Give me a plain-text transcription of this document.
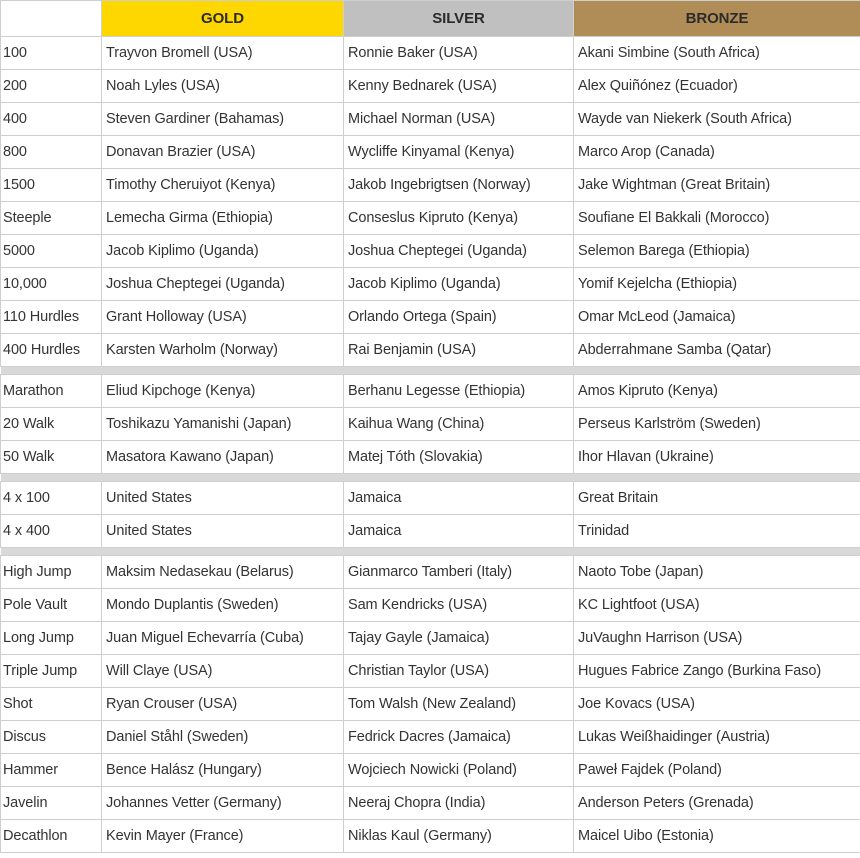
	GOLD	SILVER	BRONZE
100	Trayvon Bromell (USA)	Ronnie Baker (USA)	Akani Simbine (South Africa)
200	Noah Lyles (USA)	Kenny Bednarek (USA)	Alex Quiñónez (Ecuador)
400	Steven Gardiner (Bahamas)	Michael Norman (USA)	Wayde van Niekerk (South Africa)
800	Donavan Brazier (USA)	Wycliffe Kinyamal (Kenya)	Marco Arop (Canada)
1500	Timothy Cheruiyot (Kenya)	Jakob Ingebrigtsen (Norway)	Jake Wightman (Great Britain)
Steeple	Lemecha Girma (Ethiopia)	Conseslus Kipruto (Kenya)	Soufiane El Bakkali (Morocco)
5000	Jacob Kiplimo (Uganda)	Joshua Cheptegei (Uganda)	Selemon Barega (Ethiopia)
10,000	Joshua Cheptegei (Uganda)	Jacob Kiplimo (Uganda)	Yomif Kejelcha (Ethiopia)
110 Hurdles	Grant Holloway (USA)	Orlando Ortega (Spain)	Omar McLeod (Jamaica)
400 Hurdles	Karsten Warholm (Norway)	Rai Benjamin (USA)	Abderrahmane Samba (Qatar)

Marathon	Eliud Kipchoge (Kenya)	Berhanu Legesse (Ethiopia)	Amos Kipruto (Kenya)
20 Walk	Toshikazu Yamanishi (Japan)	Kaihua Wang (China)	Perseus Karlström (Sweden)
50 Walk	Masatora Kawano (Japan)	Matej Tóth (Slovakia)	Ihor Hlavan (Ukraine)

4 x 100	United States	Jamaica	Great Britain
4 x 400	United States	Jamaica	Trinidad

High Jump	Maksim Nedasekau (Belarus)	Gianmarco Tamberi (Italy)	Naoto Tobe (Japan)
Pole Vault	Mondo Duplantis (Sweden)	Sam Kendricks (USA)	KC Lightfoot (USA)
Long Jump	Juan Miguel Echevarría (Cuba)	Tajay Gayle (Jamaica)	JuVaughn Harrison (USA)
Triple Jump	Will Claye (USA)	Christian Taylor (USA)	Hugues Fabrice Zango (Burkina Faso)
Shot	Ryan Crouser (USA)	Tom Walsh (New Zealand)	Joe Kovacs (USA)
Discus	Daniel Ståhl (Sweden)	Fedrick Dacres (Jamaica)	Lukas Weißhaidinger (Austria)
Hammer	Bence Halász (Hungary)	Wojciech Nowicki (Poland)	Paweł Fajdek (Poland)
Javelin	Johannes Vetter (Germany)	Neeraj Chopra (India)	Anderson Peters (Grenada)
Decathlon	Kevin Mayer (France)	Niklas Kaul (Germany)	Maicel Uibo (Estonia)
